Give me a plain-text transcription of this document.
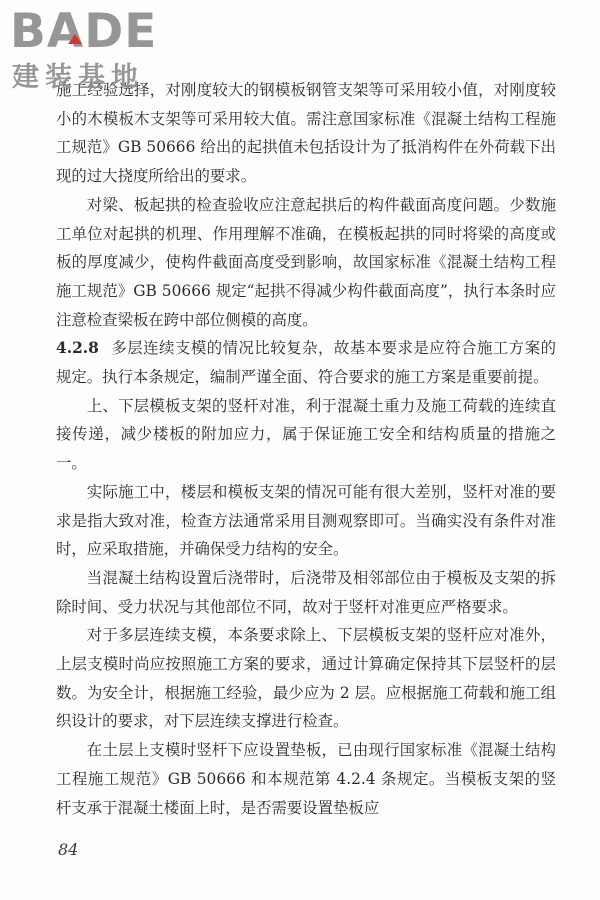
BADE
建装基地

施工经验选择，对刚度较大的钢模板钢管支架等可采用较小值，对刚度较小的木模板木支架等可采用较大值。需注意国家标准《混凝土结构工程施工规范》GB 50666 给出的起拱值未包括设计为了抵消构件在外荷载下出现的过大挠度所给出的要求。

对梁、板起拱的检查验收应注意起拱后的构件截面高度问题。少数施工单位对起拱的机理、作用理解不准确，在模板起拱的同时将梁的高度或板的厚度减少，使构件截面高度受到影响，故国家标准《混凝土结构工程施工规范》GB 50666 规定“起拱不得减少构件截面高度”，执行本条时应注意检查梁板在跨中部位侧模的高度。

4.2.8 多层连续支模的情况比较复杂，故基本要求是应符合施工方案的规定。执行本条规定，编制严谨全面、符合要求的施工方案是重要前提。

上、下层模板支架的竖杆对准，利于混凝土重力及施工荷载的连续直接传递，减少楼板的附加应力，属于保证施工安全和结构质量的措施之一。

实际施工中，楼层和模板支架的情况可能有很大差别，竖杆对准的要求是指大致对准，检查方法通常采用目测观察即可。当确实没有条件对准时，应采取措施，并确保受力结构的安全。

当混凝土结构设置后浇带时，后浇带及相邻部位由于模板及支架的拆除时间、受力状况与其他部位不同，故对于竖杆对准更应严格要求。

对于多层连续支模，本条要求除上、下层模板支架的竖杆应对准外，上层支模时尚应按照施工方案的要求，通过计算确定保持其下层竖杆的层数。为安全计，根据施工经验，最少应为 2 层。应根据施工荷载和施工组织设计的要求，对下层连续支撑进行检查。

在土层上支模时竖杆下应设置垫板，已由现行国家标准《混凝土结构工程施工规范》GB 50666 和本规范第 4.2.4 条规定。当模板支架的竖杆支承于混凝土楼面上时，是否需要设置垫板应

84
